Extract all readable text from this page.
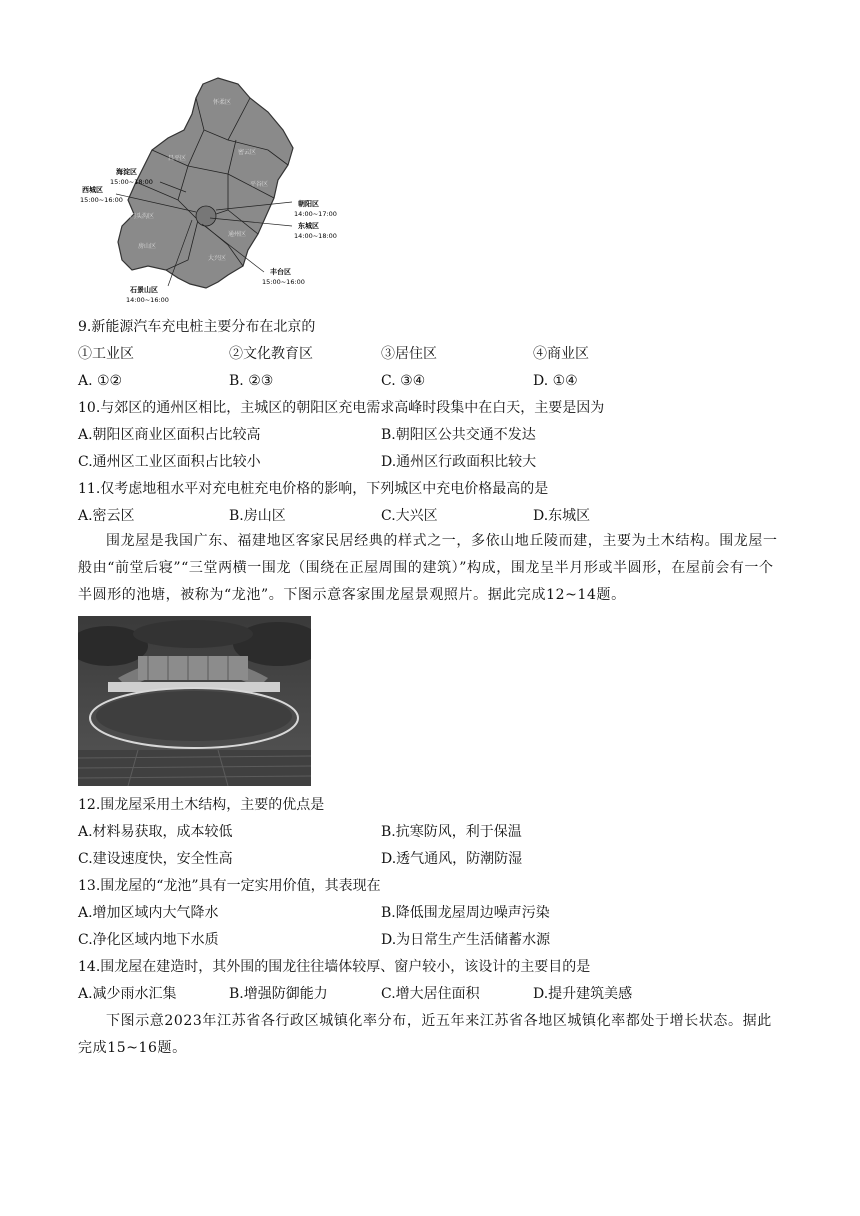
怀柔区
密云区
昌平区
平谷区
门头沟区
房山区
通州区
大兴区
海淀区
15:00~18:00
西城区
15:00~16:00	朝阳区
14:00~17:00
东城区
14:00~18:00
丰台区
15:00~16:00
石景山区
14:00~16:00
9.新能源汽车充电桩主要分布在北京的
①工业区	②文化教育区	③居住区	④商业区
A. ①②	B. ②③	C. ③④	D. ①④
10.与郊区的通州区相比，主城区的朝阳区充电需求高峰时段集中在白天，主要是因为
A.朝阳区商业区面积占比较高	B.朝阳区公共交通不发达
C.通州区工业区面积占比较小	D.通州区行政面积比较大
11.仅考虑地租水平对充电桩充电价格的影响，下列城区中充电价格最高的是
A.密云区	B.房山区	C.大兴区	D.东城区
围龙屋是我国广东、福建地区客家民居经典的样式之一，多依山地丘陵而建，主要为土木结构。围龙屋一般由“前堂后寝”“三堂两横一围龙（围绕在正屋周围的建筑）”构成，围龙呈半月形或半圆形，在屋前会有一个半圆形的池塘，被称为“龙池”。下图示意客家围龙屋景观照片。据此完成12~14题。
12.围龙屋采用土木结构，主要的优点是
A.材料易获取，成本较低	B.抗寒防风，利于保温
C.建设速度快，安全性高	D.透气通风，防潮防湿
13.围龙屋的“龙池”具有一定实用价值，其表现在
A.增加区域内大气降水	B.降低围龙屋周边噪声污染
C.净化区域内地下水质	D.为日常生产生活储蓄水源
14.围龙屋在建造时，其外围的围龙往往墙体较厚、窗户较小，该设计的主要目的是
A.减少雨水汇集	B.增强防御能力	C.增大居住面积	D.提升建筑美感
下图示意2023年江苏省各行政区城镇化率分布，近五年来江苏省各地区城镇化率都处于增长状态。据此完成15~16题。
